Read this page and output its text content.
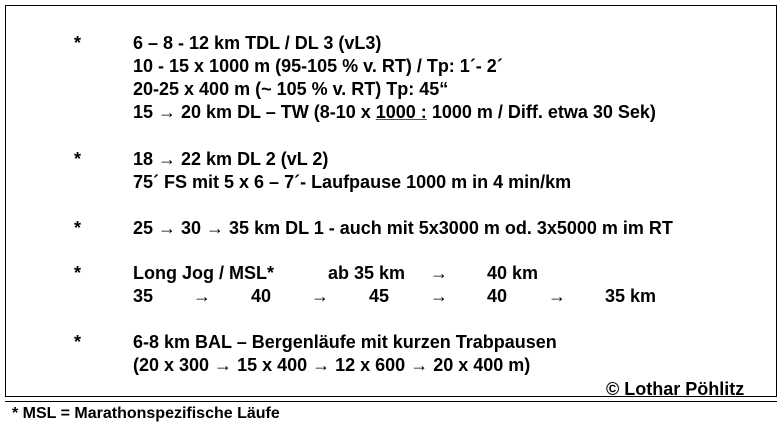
*	6 – 8 - 12 km TDL / DL 3 (vL3)
10 - 15 x 1000 m (95-105 % v. RT) / Tp: 1´- 2´
20-25 x 400 m (~ 105 % v. RT) Tp: 45“
15 → 20 km DL – TW (8-10 x 1000 : 1000 m / Diff. etwa 30 Sek)
*	18 → 22 km DL 2 (vL 2)
75´ FS mit 5 x 6 – 7´- Laufpause 1000 m in 4 min/km
*	25 → 30 → 35 km DL 1 - auch mit 5x3000 m od. 3x5000 m im RT
*	Long Jog / MSL*	ab 35 km → 40 km
35 → 40 → 45 → 40 → 35 km
*	6-8 km BAL – Bergenläufe mit kurzen Trabpausen
(20 x 300 → 15 x 400 → 12 x 600 → 20 x 400 m)
© Lothar Pöhlitz
* MSL = Marathonspezifische Läufe
